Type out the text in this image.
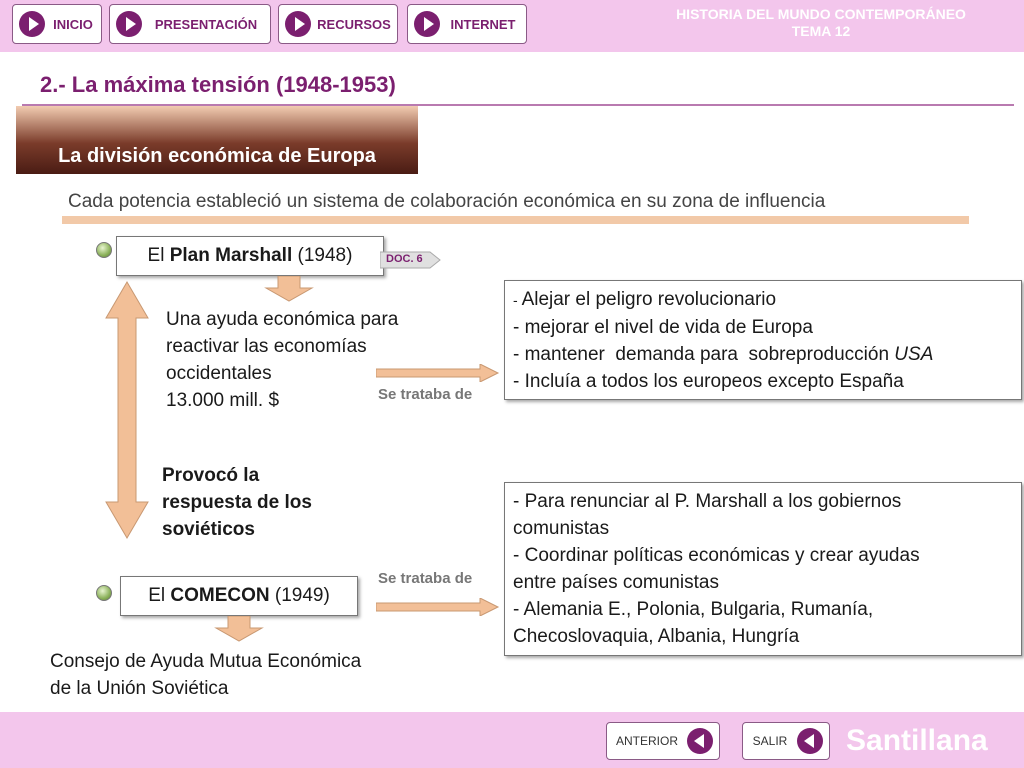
INICIO	PRESENTACIÓN	RECURSOS	INTERNET
HISTORIA DEL MUNDO CONTEMPORÁNEO
TEMA 12
2.- La máxima tensión (1948-1953)
La división económica de Europa
Cada potencia estableció un sistema de colaboración económica en su zona de influencia
El Plan Marshall (1948)	DOC. 6
Una ayuda económica para
reactivar las economías
occidentales
13.000 mill. $	Se trataba de
- Alejar el peligro revolucionario
- mejorar el nivel de vida de Europa
- mantener  demanda para  sobreproducción USA
- Incluía a todos los europeos excepto España
Provocó la
respuesta de los
soviéticos
El COMECON (1949)
Se trataba de
Consejo de Ayuda Mutua Económica
de la Unión Soviética
- Para renunciar al P. Marshall a los gobiernos
comunistas
- Coordinar políticas económicas y crear ayudas
entre países comunistas
- Alemania E., Polonia, Bulgaria, Rumanía,
Checoslovaquia, Albania, Hungría
ANTERIOR	SALIR	Santillana
